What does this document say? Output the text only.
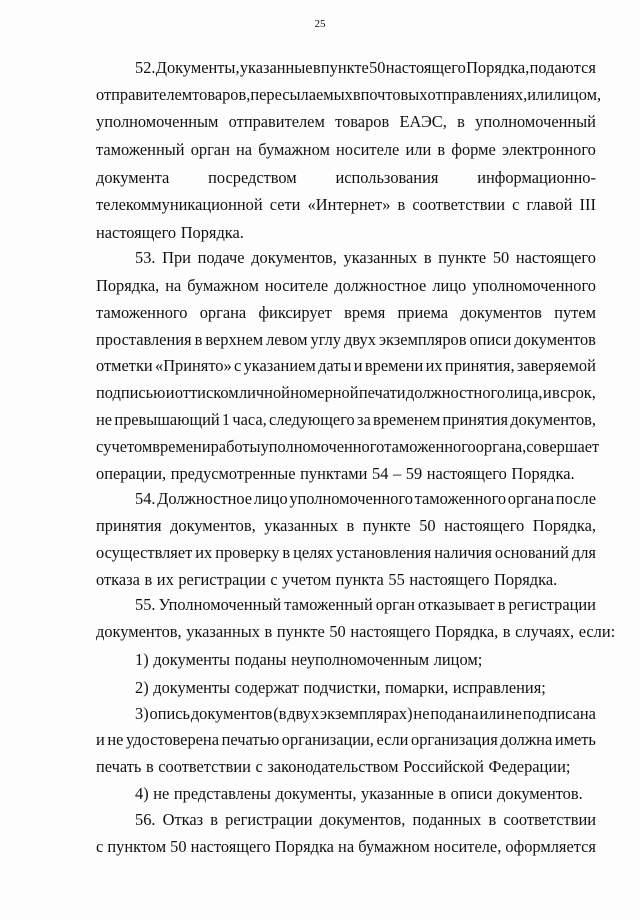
25
52. Документы, указанные в пункте 50 настоящего Порядка, подаются
отправителем товаров, пересылаемых в почтовых отправлениях, или лицом,
уполномоченным отправителем товаров ЕАЭС, в уполномоченный
таможенный орган на бумажном носителе или в форме электронного
документа посредством использования информационно-
телекоммуникационной сети «Интернет» в соответствии с главой III
настоящего Порядка.
53. При подаче документов, указанных в пункте 50 настоящего
Порядка, на бумажном носителе должностное лицо уполномоченного
таможенного органа фиксирует время приема документов путем
проставления в верхнем левом углу двух экземпляров описи документов
отметки «Принято» с указанием даты и времени их принятия, заверяемой
подписью и оттиском личной номерной печати должностного лица, и в срок,
не превышающий 1 часа, следующего за временем принятия документов,
с учетом времени работы уполномоченного таможенного органа, совершает
операции, предусмотренные пунктами 54 – 59 настоящего Порядка.
54. Должностное лицо уполномоченного таможенного органа после
принятия документов, указанных в пункте 50 настоящего Порядка,
осуществляет их проверку в целях установления наличия оснований для
отказа в их регистрации с учетом пункта 55 настоящего Порядка.
55. Уполномоченный таможенный орган отказывает в регистрации
документов, указанных в пункте 50 настоящего Порядка, в случаях, если:
1) документы поданы неуполномоченным лицом;
2) документы содержат подчистки, помарки, исправления;
3) опись документов (в двух экземплярах) не подана или не подписана
и не удостоверена печатью организации, если организация должна иметь
печать в соответствии с законодательством Российской Федерации;
4) не представлены документы, указанные в описи документов.
56. Отказ в регистрации документов, поданных в соответствии
с пунктом 50 настоящего Порядка на бумажном носителе, оформляется
